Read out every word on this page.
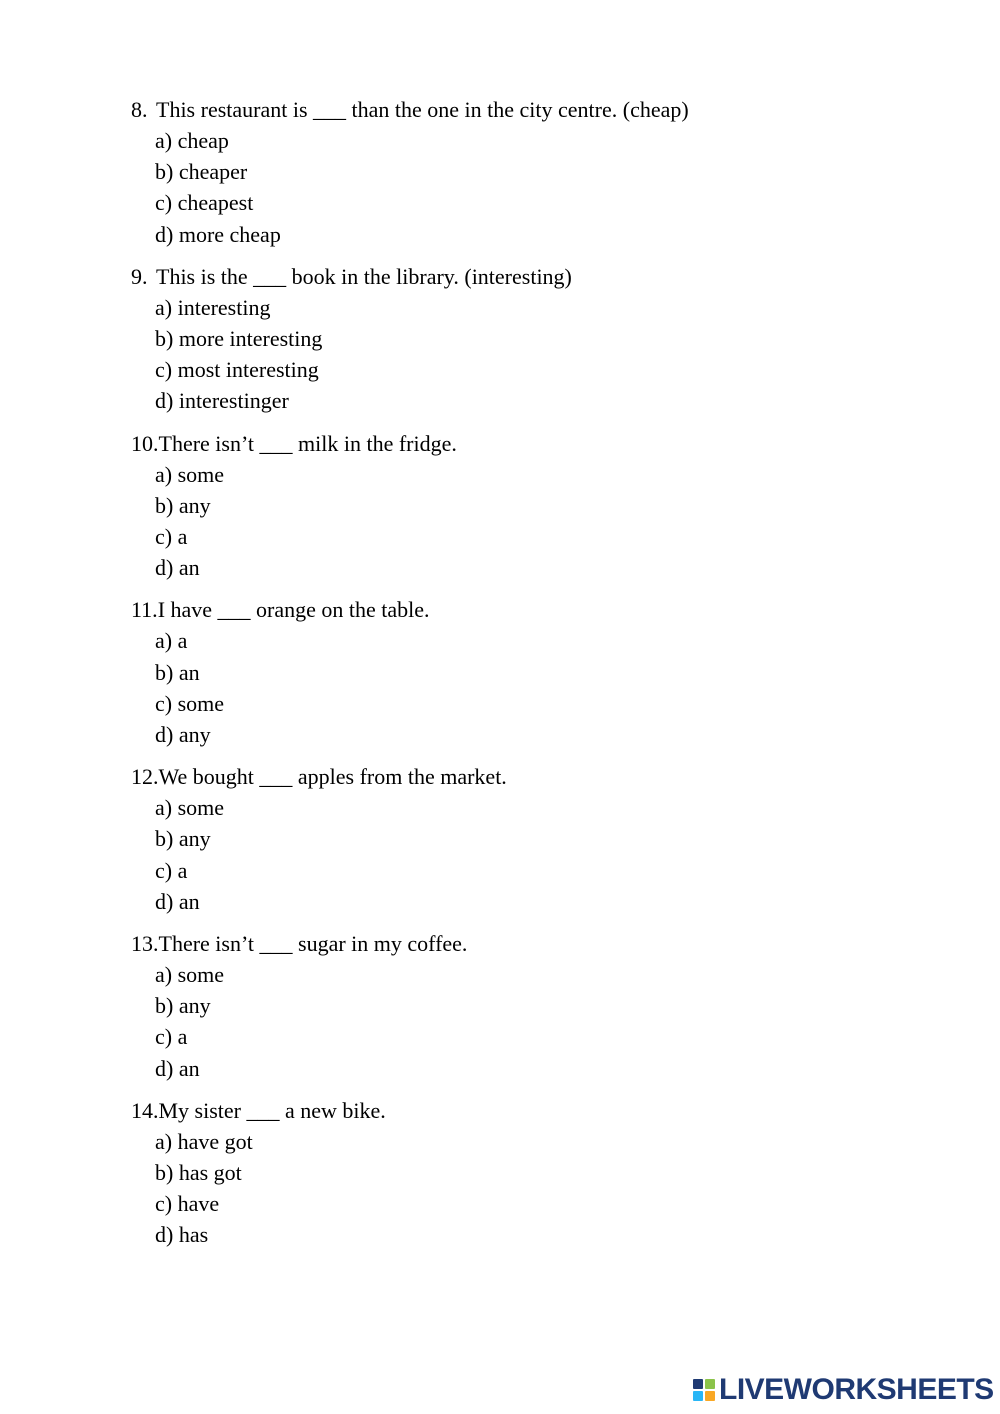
8. This restaurant is ___ than the one in the city centre. (cheap)
a) cheap
b) cheaper
c) cheapest
d) more cheap
9. This is the ___ book in the library. (interesting)
a) interesting
b) more interesting
c) most interesting
d) interestinger
10. There isn’t ___ milk in the fridge.
a) some
b) any
c) a
d) an
11. I have ___ orange on the table.
a) a
b) an
c) some
d) any
12. We bought ___ apples from the market.
a) some
b) any
c) a
d) an
13. There isn’t ___ sugar in my coffee.
a) some
b) any
c) a
d) an
14. My sister ___ a new bike.
a) have got
b) has got
c) have
d) has
LIVEWORKSHEETS
